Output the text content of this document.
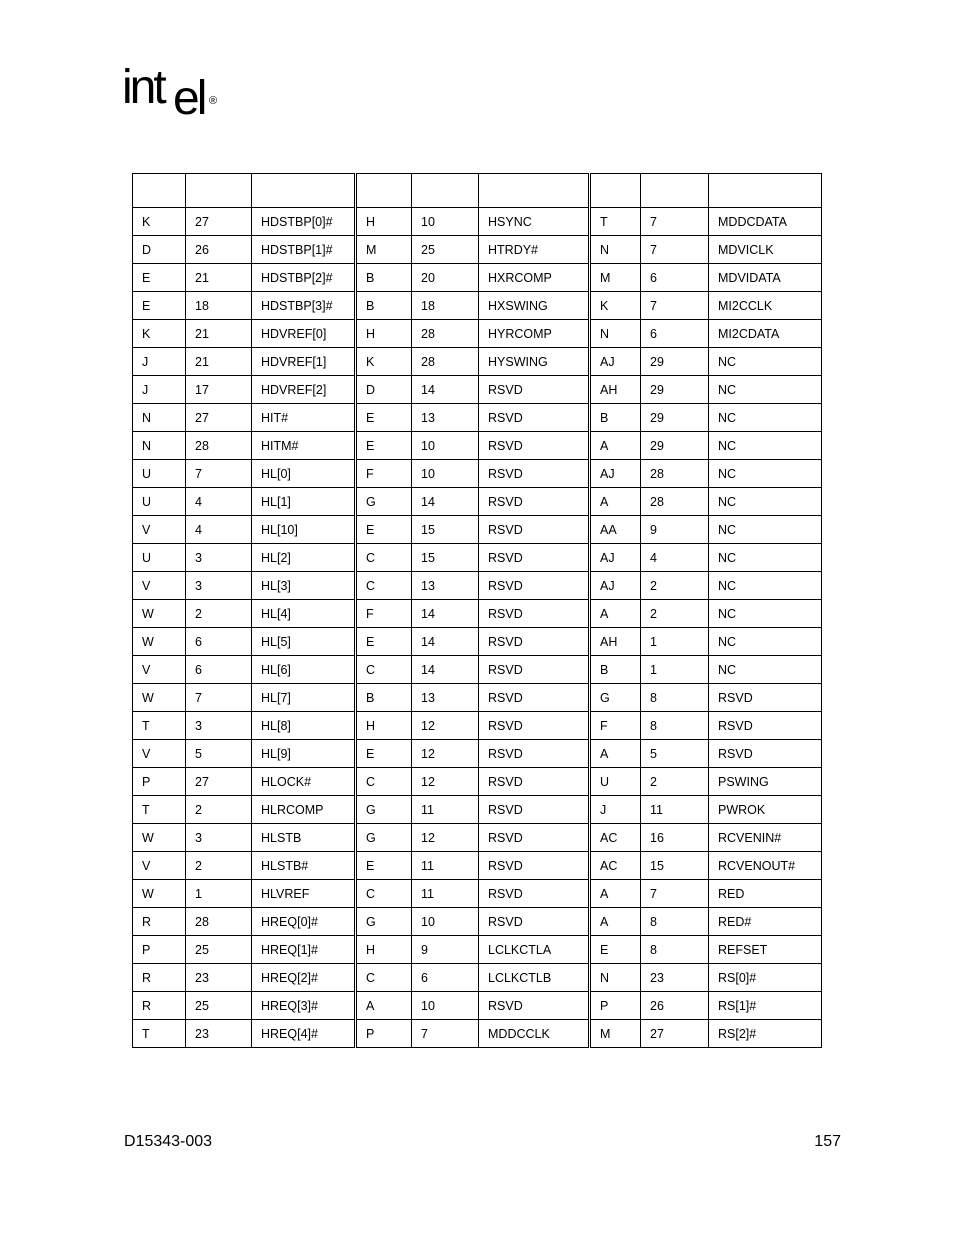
int el ®

K	27	HDSTBP[0]#	H	10	HSYNC	T	7	MDDCDATA
D	26	HDSTBP[1]#	M	25	HTRDY#	N	7	MDVICLK
E	21	HDSTBP[2]#	B	20	HXRCOMP	M	6	MDVIDATA
E	18	HDSTBP[3]#	B	18	HXSWING	K	7	MI2CCLK
K	21	HDVREF[0]	H	28	HYRCOMP	N	6	MI2CDATA
J	21	HDVREF[1]	K	28	HYSWING	AJ	29	NC
J	17	HDVREF[2]	D	14	RSVD	AH	29	NC
N	27	HIT#	E	13	RSVD	B	29	NC
N	28	HITM#	E	10	RSVD	A	29	NC
U	7	HL[0]	F	10	RSVD	AJ	28	NC
U	4	HL[1]	G	14	RSVD	A	28	NC
V	4	HL[10]	E	15	RSVD	AA	9	NC
U	3	HL[2]	C	15	RSVD	AJ	4	NC
V	3	HL[3]	C	13	RSVD	AJ	2	NC
W	2	HL[4]	F	14	RSVD	A	2	NC
W	6	HL[5]	E	14	RSVD	AH	1	NC
V	6	HL[6]	C	14	RSVD	B	1	NC
W	7	HL[7]	B	13	RSVD	G	8	RSVD
T	3	HL[8]	H	12	RSVD	F	8	RSVD
V	5	HL[9]	E	12	RSVD	A	5	RSVD
P	27	HLOCK#	C	12	RSVD	U	2	PSWING
T	2	HLRCOMP	G	11	RSVD	J	11	PWROK
W	3	HLSTB	G	12	RSVD	AC	16	RCVENIN#
V	2	HLSTB#	E	11	RSVD	AC	15	RCVENOUT#
W	1	HLVREF	C	11	RSVD	A	7	RED
R	28	HREQ[0]#	G	10	RSVD	A	8	RED#
P	25	HREQ[1]#	H	9	LCLKCTLA	E	8	REFSET
R	23	HREQ[2]#	C	6	LCLKCTLB	N	23	RS[0]#
R	25	HREQ[3]#	A	10	RSVD	P	26	RS[1]#
T	23	HREQ[4]#	P	7	MDDCCLK	M	27	RS[2]#
D15343-003	157
